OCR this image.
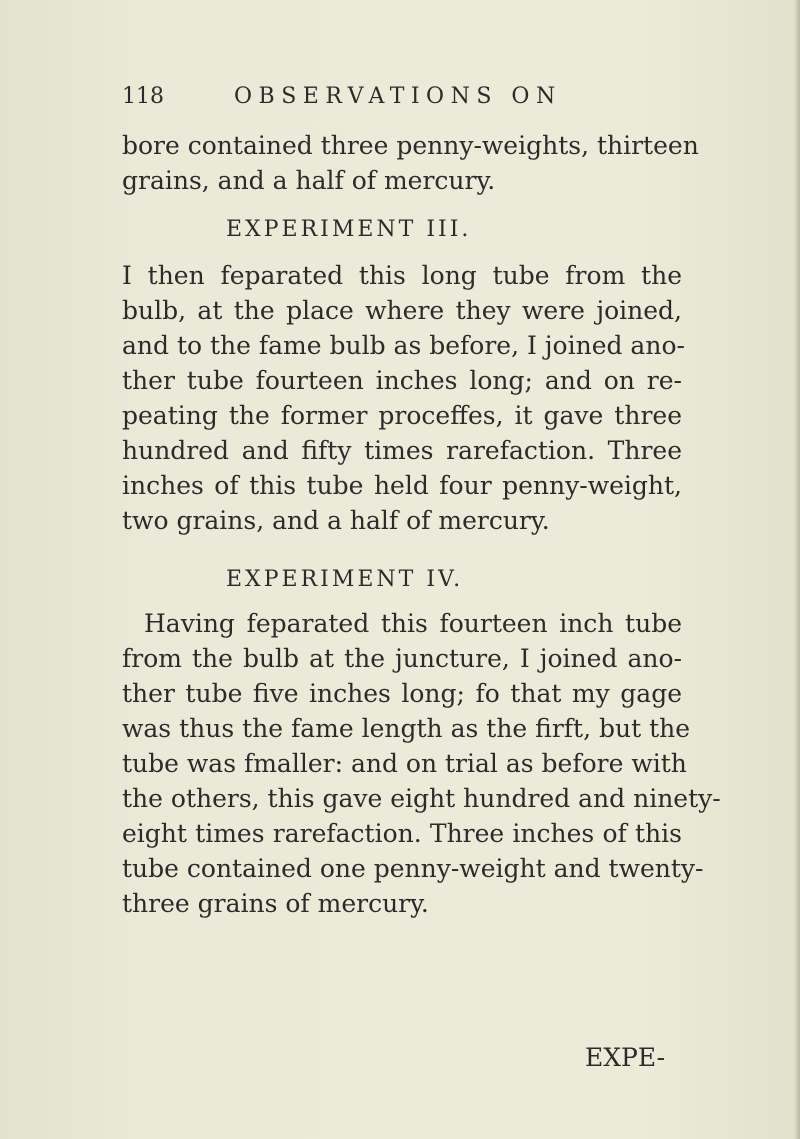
118	OBSERVATIONS ON
bore contained three penny-weights, thirteen
grains, and a half of mercury.
EXPERIMENT III.
I then feparated this long tube from the
bulb, at the place where they were joined,
and to the fame bulb as before, I joined ano-
ther tube fourteen inches long; and on re-
peating the former proceffes, it gave three
hundred and fifty times rarefaction. Three
inches of this tube held four penny-weight,
two grains, and a half of mercury.
EXPERIMENT IV.
Having feparated this fourteen inch tube
from the bulb at the juncture, I joined ano-
ther tube five inches long; fo that my gage
was thus the fame length as the firft, but the
tube was fmaller: and on trial as before with
the others, this gave eight hundred and ninety-
eight times rarefaction. Three inches of this
tube contained one penny-weight and twenty-
three grains of mercury.
EXPE-
